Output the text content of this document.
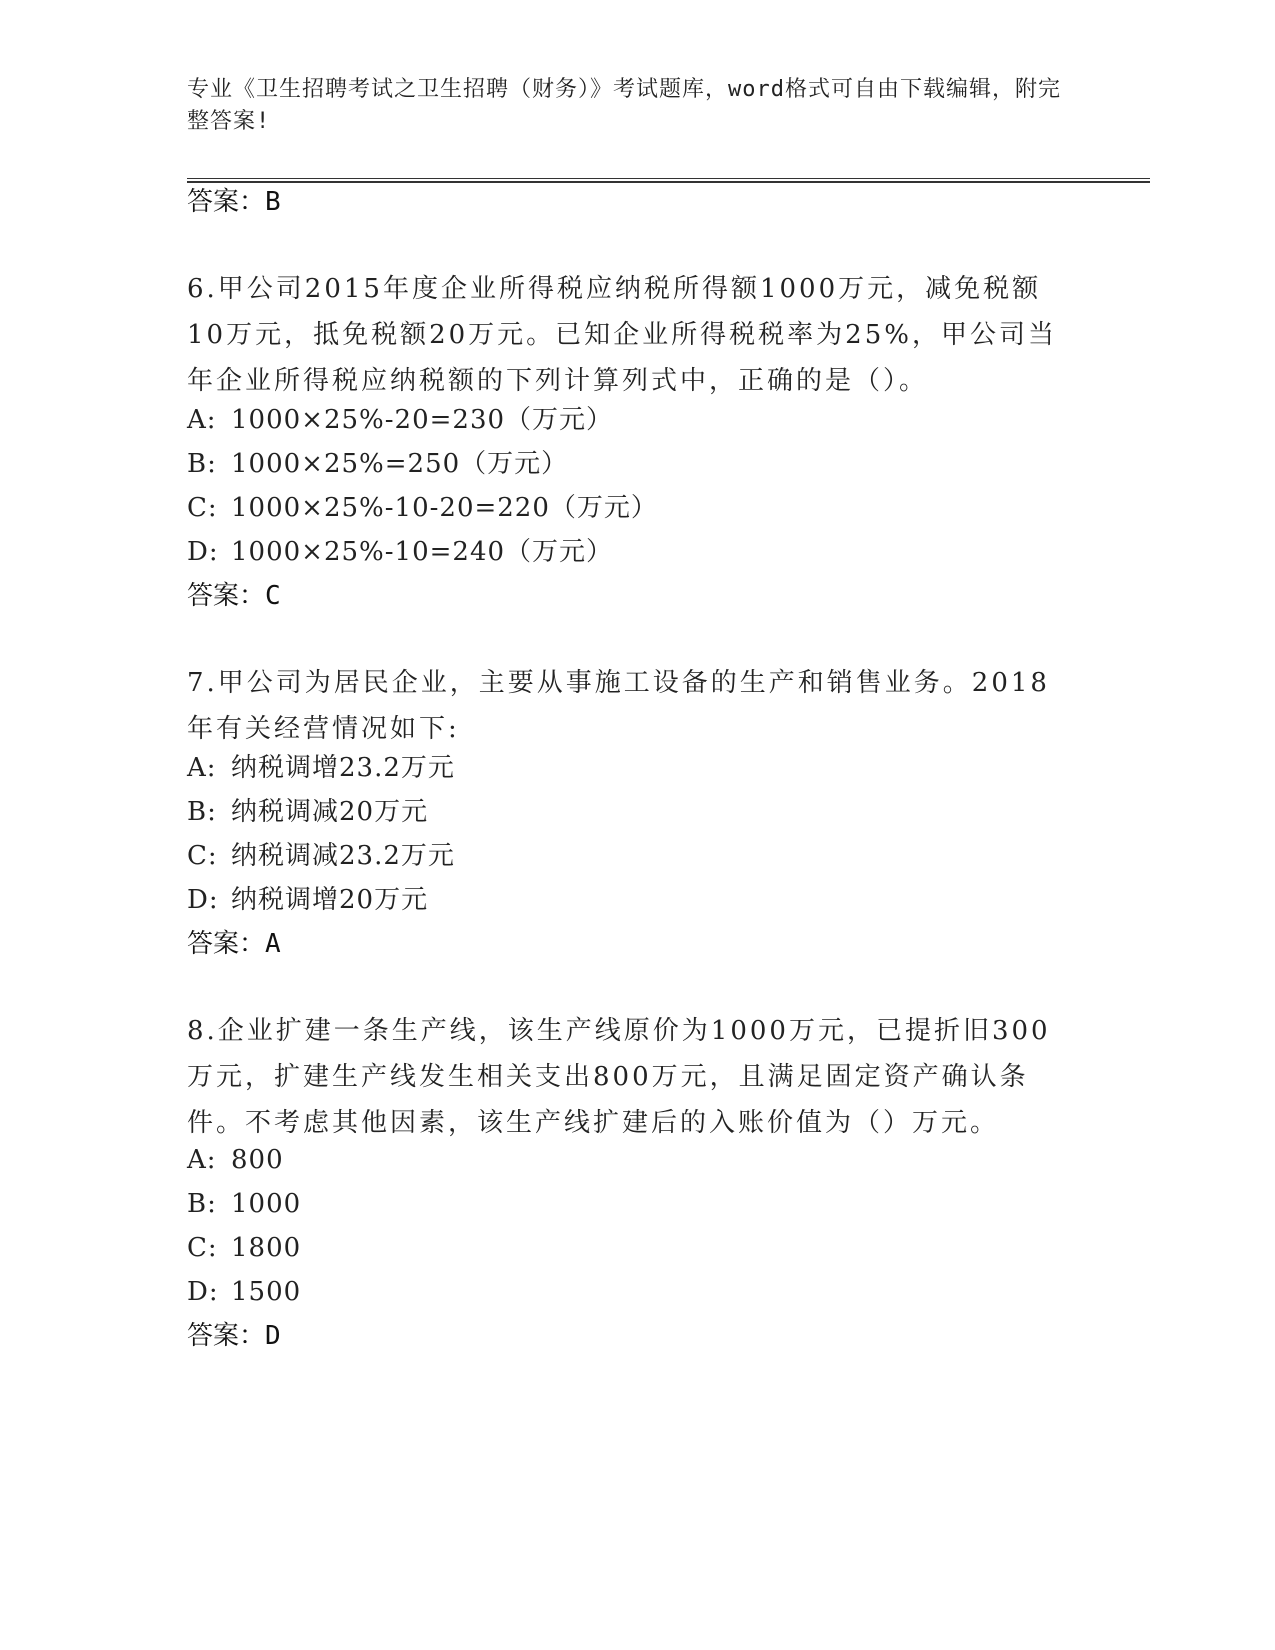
专业《卫生招聘考试之卫生招聘（财务）》考试题库，word格式可自由下载编辑，附完整答案!
答案：B
6.甲公司2015年度企业所得税应纳税所得额1000万元，减免税额10万元，抵免税额20万元。已知企业所得税税率为25%，甲公司当年企业所得税应纳税额的下列计算列式中，正确的是（）。
A: 1000×25%-20=230（万元）
B: 1000×25%=250（万元）
C: 1000×25%-10-20=220（万元）
D: 1000×25%-10=240（万元）
答案：C
7.甲公司为居民企业，主要从事施工设备的生产和销售业务。2018年有关经营情况如下:
A: 纳税调增23.2万元
B: 纳税调减20万元
C: 纳税调减23.2万元
D: 纳税调增20万元
答案：A
8.企业扩建一条生产线，该生产线原价为1000万元，已提折旧300万元，扩建生产线发生相关支出800万元，且满足固定资产确认条件。不考虑其他因素，该生产线扩建后的入账价值为（）万元。
A: 800
B: 1000
C: 1800
D: 1500
答案：D
